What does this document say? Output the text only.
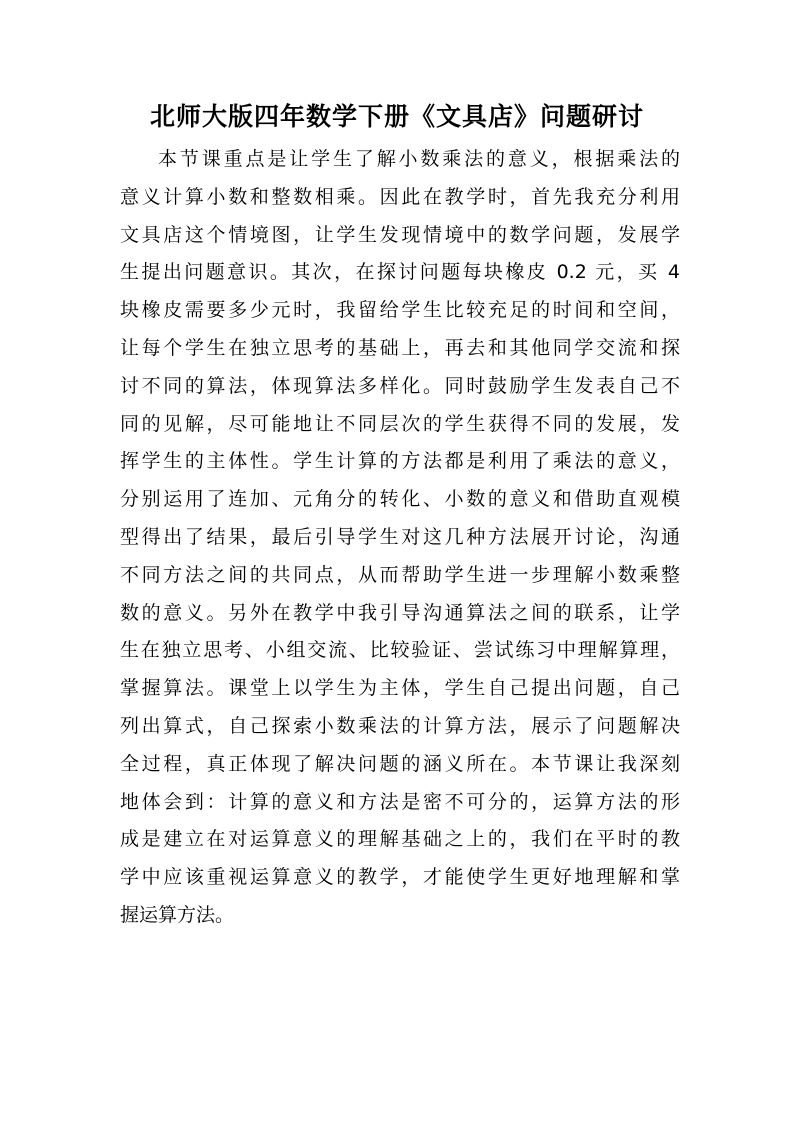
北师大版四年数学下册《文具店》问题研讨
本节课重点是让学生了解小数乘法的意义，根据乘法的
意义计算小数和整数相乘。因此在教学时，首先我充分利用
文具店这个情境图，让学生发现情境中的数学问题，发展学
生提出问题意识。其次，在探讨问题每块橡皮 0.2 元，买 4
块橡皮需要多少元时，我留给学生比较充足的时间和空间，
让每个学生在独立思考的基础上，再去和其他同学交流和探
讨不同的算法，体现算法多样化。同时鼓励学生发表自己不
同的见解，尽可能地让不同层次的学生获得不同的发展，发
挥学生的主体性。学生计算的方法都是利用了乘法的意义，
分别运用了连加、元角分的转化、小数的意义和借助直观模
型得出了结果，最后引导学生对这几种方法展开讨论，沟通
不同方法之间的共同点，从而帮助学生进一步理解小数乘整
数的意义。另外在教学中我引导沟通算法之间的联系，让学
生在独立思考、小组交流、比较验证、尝试练习中理解算理，
掌握算法。课堂上以学生为主体，学生自己提出问题，自己
列出算式，自己探索小数乘法的计算方法，展示了问题解决
全过程，真正体现了解决问题的涵义所在。本节课让我深刻
地体会到：计算的意义和方法是密不可分的，运算方法的形
成是建立在对运算意义的理解基础之上的，我们在平时的教
学中应该重视运算意义的教学，才能使学生更好地理解和掌
握运算方法。
